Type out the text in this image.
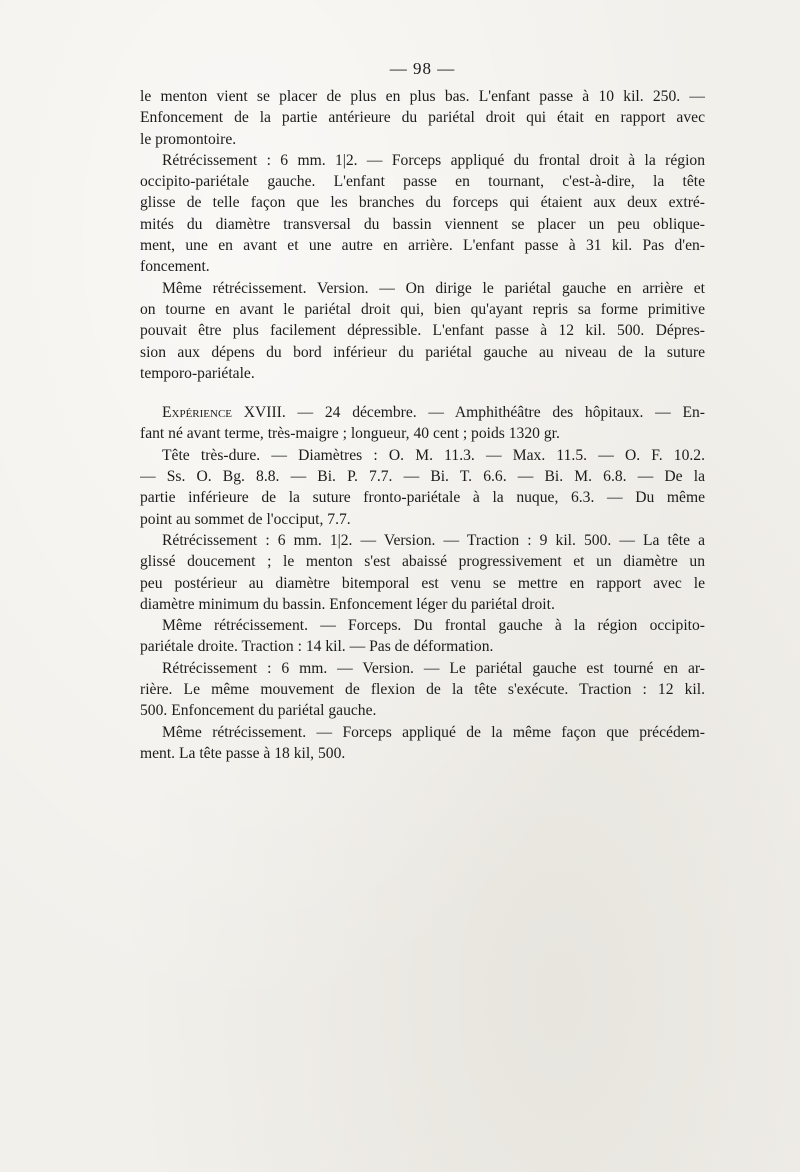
— 98 —
le menton vient se placer de plus en plus bas. L'enfant passe à 10 kil. 250. —
Enfoncement de la partie antérieure du pariétal droit qui était en rapport avec
le promontoire.
Rétrécissement : 6 mm. 1|2. — Forceps appliqué du frontal droit à la région
occipito-pariétale gauche. L'enfant passe en tournant, c'est-à-dire, la tête
glisse de telle façon que les branches du forceps qui étaient aux deux extré-
mités du diamètre transversal du bassin viennent se placer un peu oblique-
ment, une en avant et une autre en arrière. L'enfant passe à 31 kil. Pas d'en-
foncement.
Même rétrécissement. Version. — On dirige le pariétal gauche en arrière et
on tourne en avant le pariétal droit qui, bien qu'ayant repris sa forme primitive
pouvait être plus facilement dépressible. L'enfant passe à 12 kil. 500. Dépres-
sion aux dépens du bord inférieur du pariétal gauche au niveau de la suture
temporo-pariétale.
Expérience XVIII. — 24 décembre. — Amphithéâtre des hôpitaux. — En-
fant né avant terme, très-maigre ; longueur, 40 cent ; poids 1320 gr.
Tête très-dure. — Diamètres : O. M. 11.3. — Max. 11.5. — O. F. 10.2.
— Ss. O. Bg. 8.8. — Bi. P. 7.7. — Bi. T. 6.6. — Bi. M. 6.8. — De la
partie inférieure de la suture fronto-pariétale à la nuque, 6.3. — Du même
point au sommet de l'occiput, 7.7.
Rétrécissement : 6 mm. 1|2. — Version. — Traction : 9 kil. 500. — La tête a
glissé doucement ; le menton s'est abaissé progressivement et un diamètre un
peu postérieur au diamètre bitemporal est venu se mettre en rapport avec le
diamètre minimum du bassin. Enfoncement léger du pariétal droit.
Même rétrécissement. — Forceps. Du frontal gauche à la région occipito-
pariétale droite. Traction : 14 kil. — Pas de déformation.
Rétrécissement : 6 mm. — Version. — Le pariétal gauche est tourné en ar-
rière. Le même mouvement de flexion de la tête s'exécute. Traction : 12 kil.
500. Enfoncement du pariétal gauche.
Même rétrécissement. — Forceps appliqué de la même façon que précédem-
ment. La tête passe à 18 kil, 500.
